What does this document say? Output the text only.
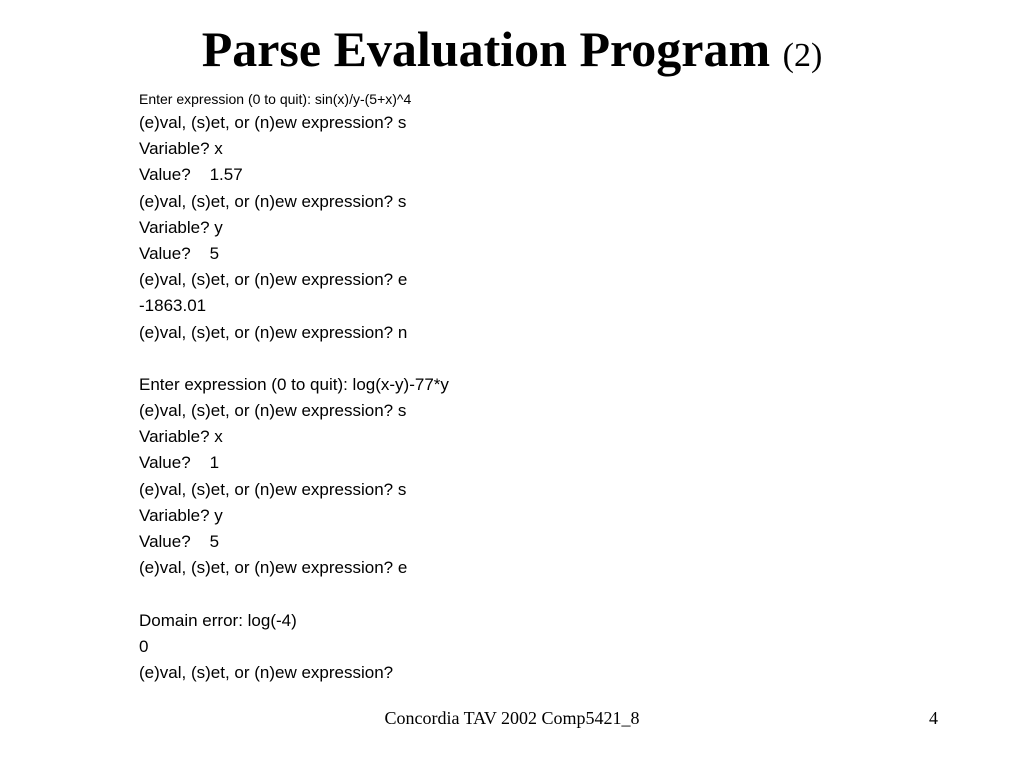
Parse Evaluation Program (2)
Enter expression (0 to quit): sin(x)/y-(5+x)^4
(e)val, (s)et, or (n)ew expression? s
Variable? x
Value?    1.57
(e)val, (s)et, or (n)ew expression? s
Variable? y
Value?    5
(e)val, (s)et, or (n)ew expression? e
-1863.01
(e)val, (s)et, or (n)ew expression? n
Enter expression (0 to quit): log(x-y)-77*y
(e)val, (s)et, or (n)ew expression? s
Variable? x
Value?    1
(e)val, (s)et, or (n)ew expression? s
Variable? y
Value?    5
(e)val, (s)et, or (n)ew expression? e
Domain error: log(-4)
0
(e)val, (s)et, or (n)ew expression?
Concordia TAV 2002 Comp5421_8	4
